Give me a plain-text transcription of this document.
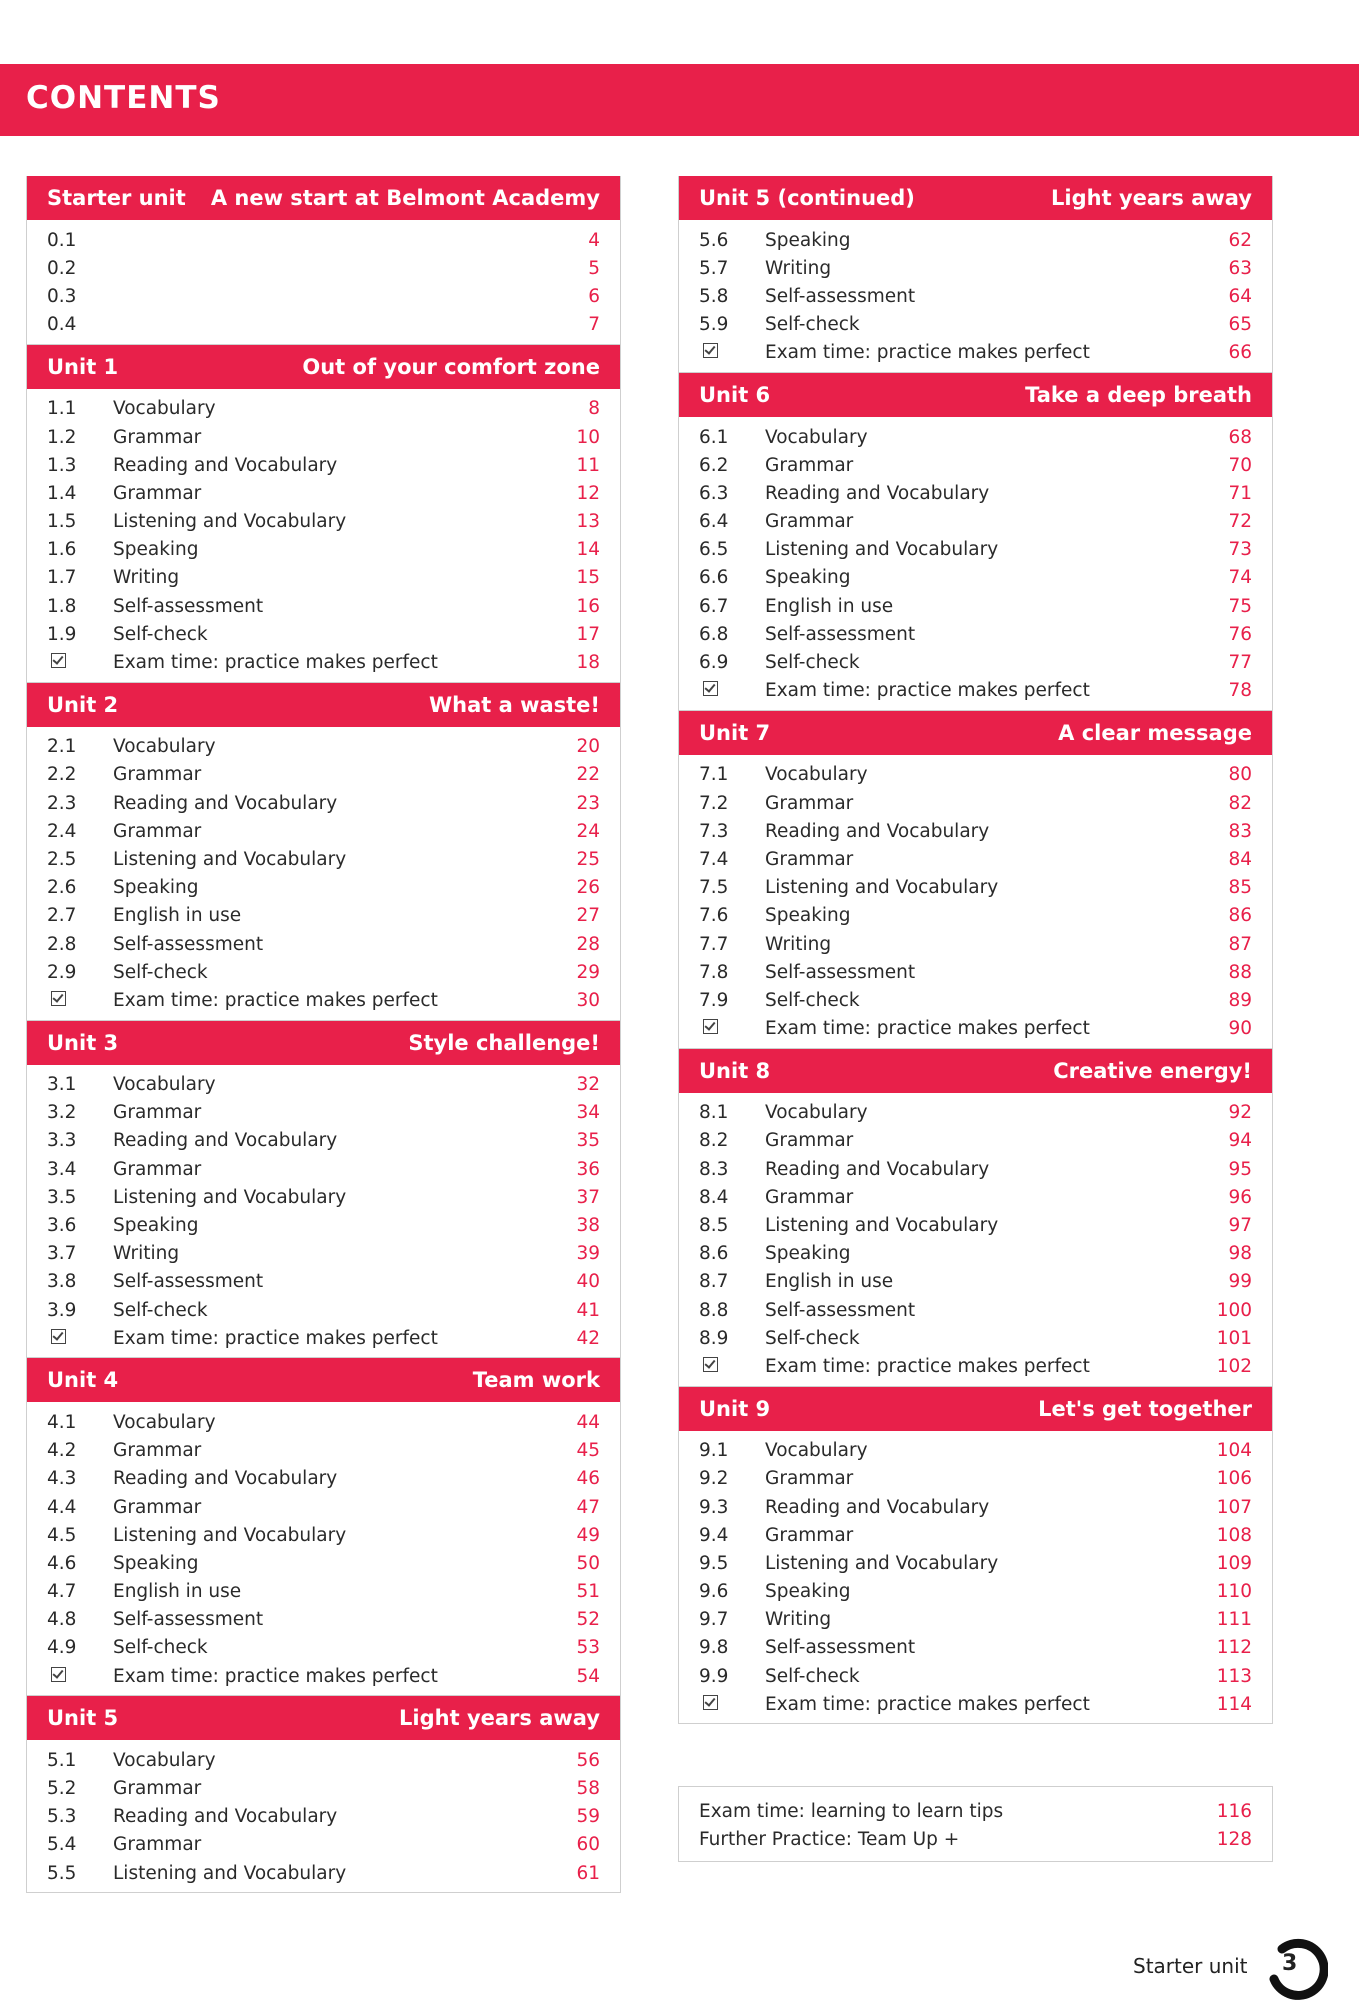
CONTENTS
Starter unit A new start at Belmont Academy
0.1	4
0.2	5
0.3	6
0.4	7
Unit 1	Out of your comfort zone
1.1	Vocabulary	8
1.2	Grammar	10
1.3	Reading and Vocabulary	11
1.4	Grammar	12
1.5	Listening and Vocabulary	13
1.6	Speaking	14
1.7	Writing	15
1.8	Self-assessment	16
1.9	Self-check	17
Exam time: practice makes perfect	18
Unit 2	What a waste!
2.1	Vocabulary	20
2.2	Grammar	22
2.3	Reading and Vocabulary	23
2.4	Grammar	24
2.5	Listening and Vocabulary	25
2.6	Speaking	26
2.7	English in use	27
2.8	Self-assessment	28
2.9	Self-check	29
Exam time: practice makes perfect	30
Unit 3	Style challenge!
3.1	Vocabulary	32
3.2	Grammar	34
3.3	Reading and Vocabulary	35
3.4	Grammar	36
3.5	Listening and Vocabulary	37
3.6	Speaking	38
3.7	Writing	39
3.8	Self-assessment	40
3.9	Self-check	41
Exam time: practice makes perfect	42
Unit 4	Team work
4.1	Vocabulary	44
4.2	Grammar	45
4.3	Reading and Vocabulary	46
4.4	Grammar	47
4.5	Listening and Vocabulary	49
4.6	Speaking	50
4.7	English in use	51
4.8	Self-assessment	52
4.9	Self-check	53
Exam time: practice makes perfect	54
Unit 5	Light years away
5.1	Vocabulary	56
5.2	Grammar	58
5.3	Reading and Vocabulary	59
5.4	Grammar	60
5.5	Listening and Vocabulary	61
Unit 5 (continued)	Light years away
5.6	Speaking	62
5.7	Writing	63
5.8	Self-assessment	64
5.9	Self-check	65
Exam time: practice makes perfect	66
Unit 6	Take a deep breath
6.1	Vocabulary	68
6.2	Grammar	70
6.3	Reading and Vocabulary	71
6.4	Grammar	72
6.5	Listening and Vocabulary	73
6.6	Speaking	74
6.7	English in use	75
6.8	Self-assessment	76
6.9	Self-check	77
Exam time: practice makes perfect	78
Unit 7	A clear message
7.1	Vocabulary	80
7.2	Grammar	82
7.3	Reading and Vocabulary	83
7.4	Grammar	84
7.5	Listening and Vocabulary	85
7.6	Speaking	86
7.7	Writing	87
7.8	Self-assessment	88
7.9	Self-check	89
Exam time: practice makes perfect	90
Unit 8	Creative energy!
8.1	Vocabulary	92
8.2	Grammar	94
8.3	Reading and Vocabulary	95
8.4	Grammar	96
8.5	Listening and Vocabulary	97
8.6	Speaking	98
8.7	English in use	99
8.8	Self-assessment	100
8.9	Self-check	101
Exam time: practice makes perfect	102
Unit 9	Let's get together
9.1	Vocabulary	104
9.2	Grammar	106
9.3	Reading and Vocabulary	107
9.4	Grammar	108
9.5	Listening and Vocabulary	109
9.6	Speaking	110
9.7	Writing	111
9.8	Self-assessment	112
9.9	Self-check	113
Exam time: practice makes perfect	114
Exam time: learning to learn tips	116
Further Practice: Team Up +	128
Starter unit 3
